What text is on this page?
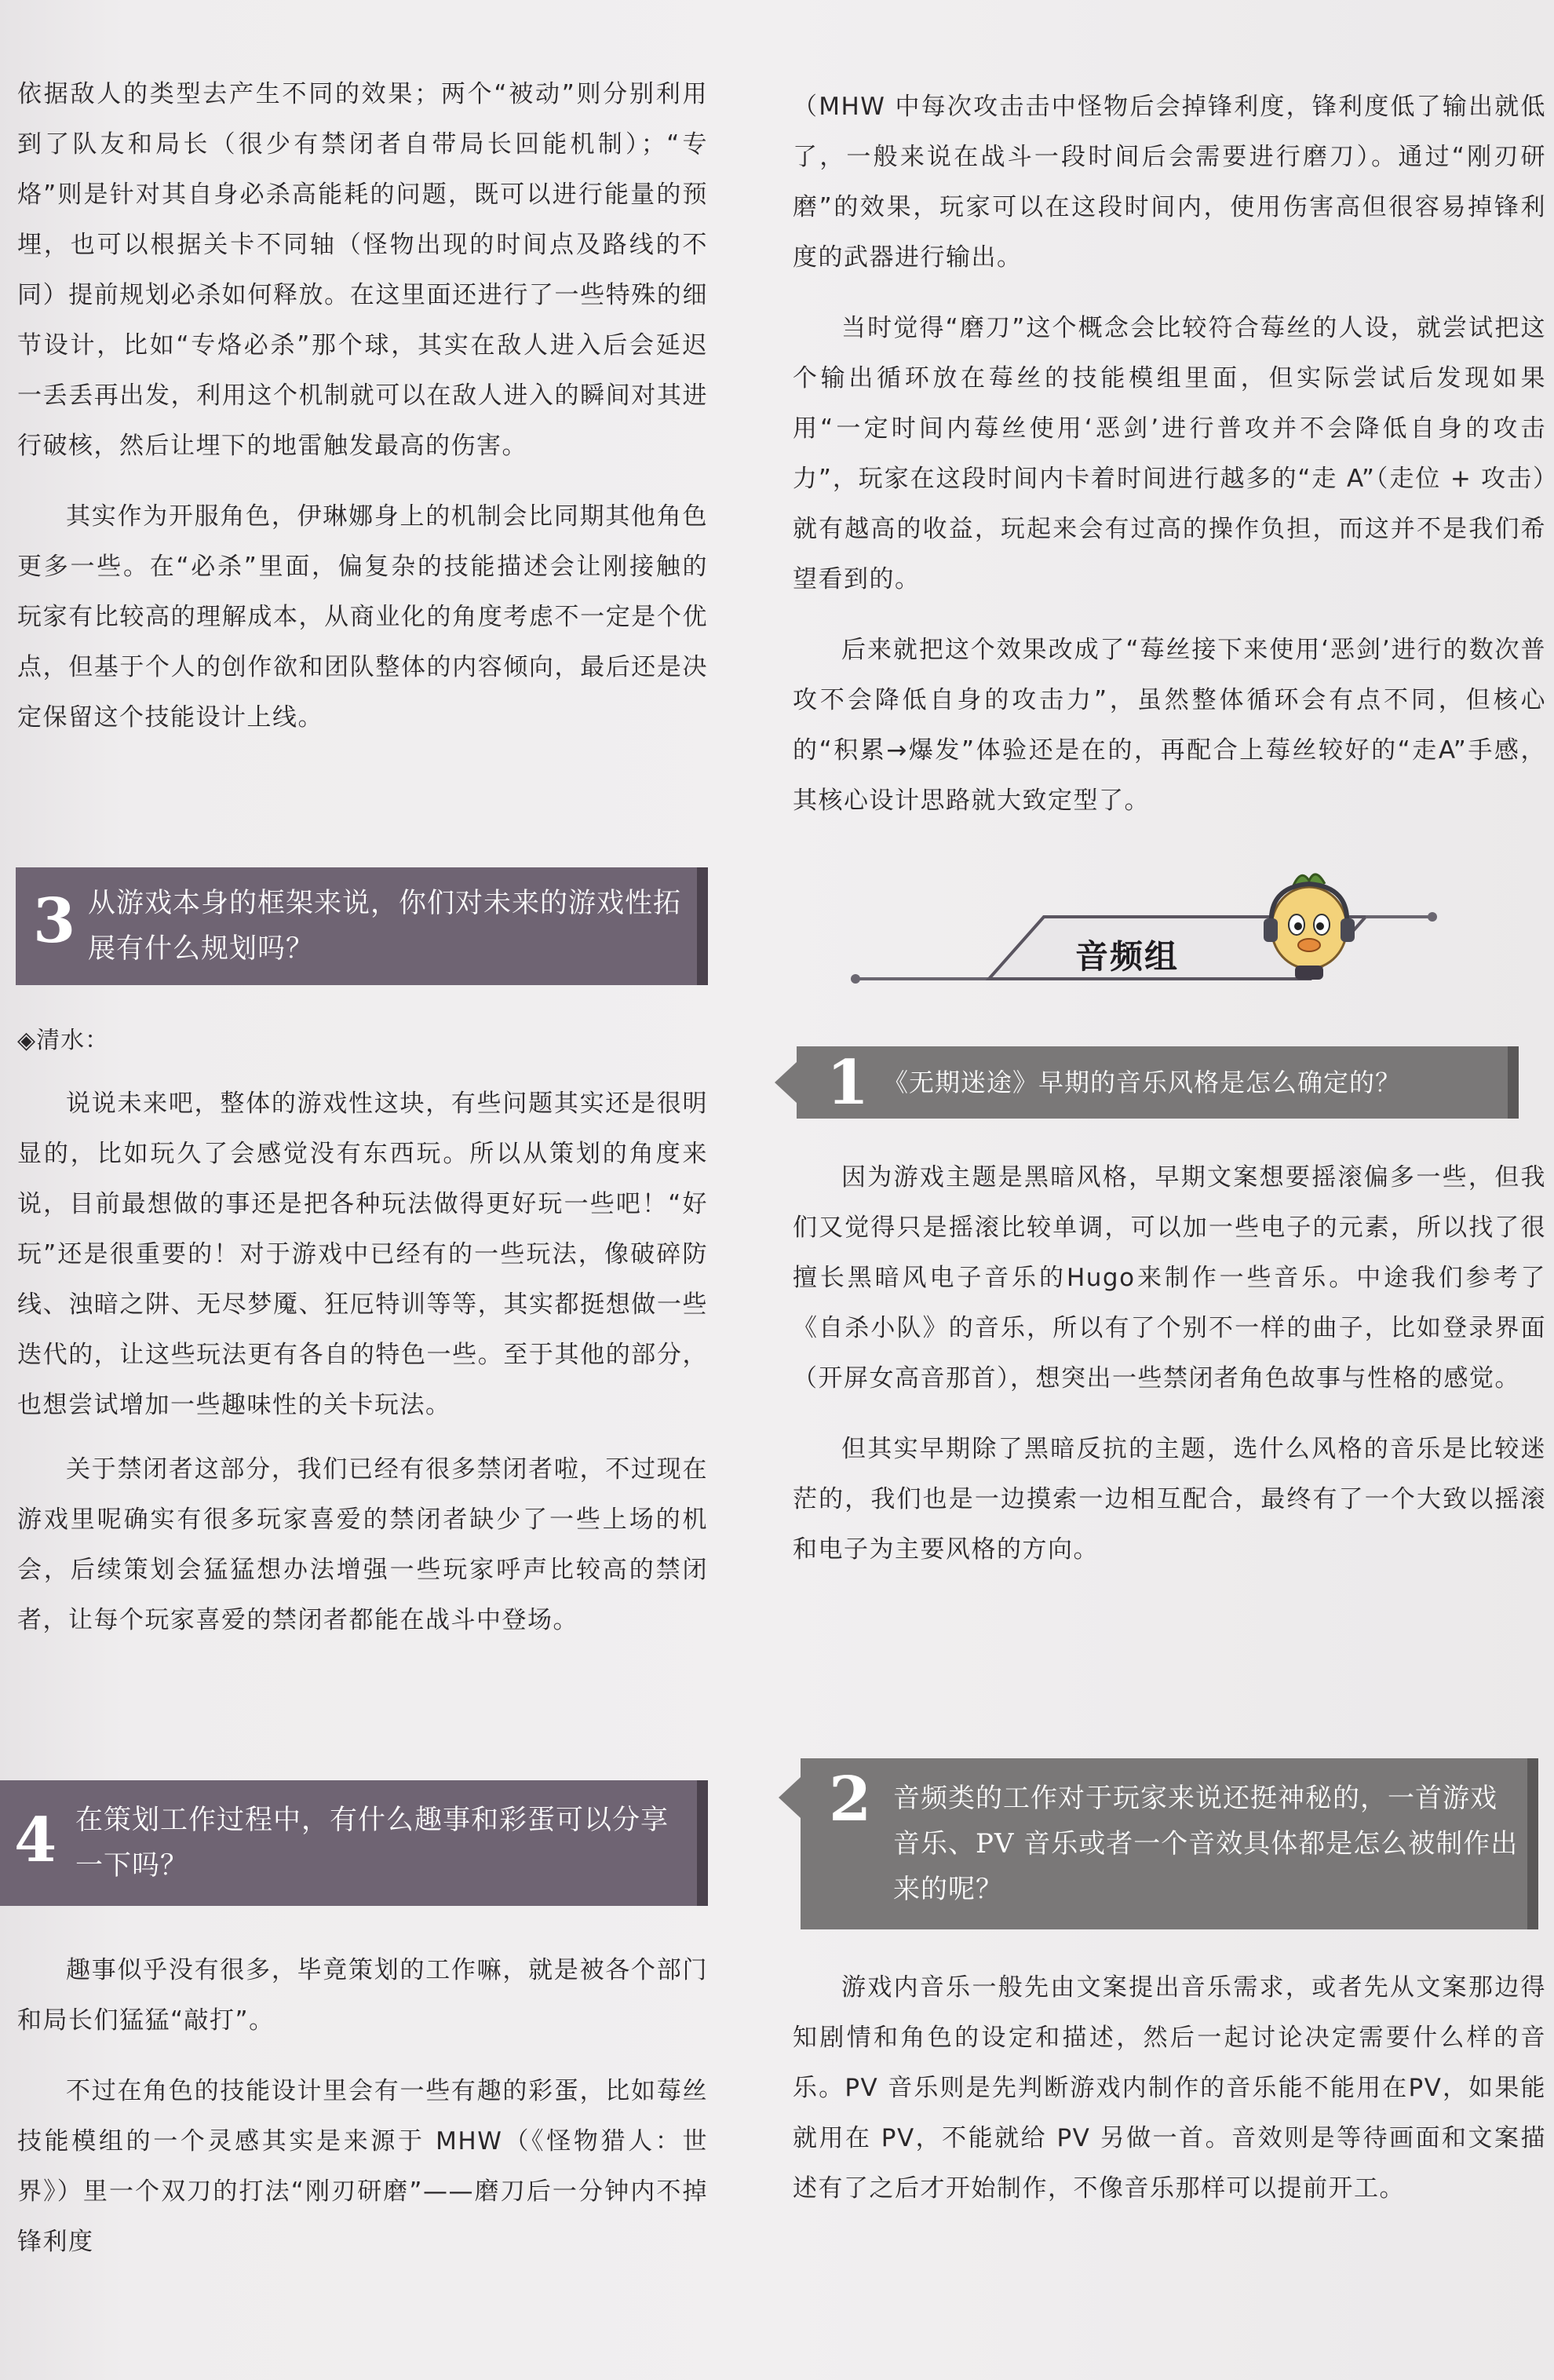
依据敌人的类型去产生不同的效果；两个“被动”则分别利用到了队友和局长（很少有禁闭者自带局长回能机制）；“专烙”则是针对其自身必杀高能耗的问题，既可以进行能量的预埋，也可以根据关卡不同轴（怪物出现的时间点及路线的不同）提前规划必杀如何释放。在这里面还进行了一些特殊的细节设计，比如“专烙必杀”那个球，其实在敌人进入后会延迟一丢丢再出发，利用这个机制就可以在敌人进入的瞬间对其进行破核，然后让埋下的地雷触发最高的伤害。

其实作为开服角色，伊琳娜身上的机制会比同期其他角色更多一些。在“必杀”里面，偏复杂的技能描述会让刚接触的玩家有比较高的理解成本，从商业化的角度考虑不一定是个优点，但基于个人的创作欲和团队整体的内容倾向，最后还是决定保留这个技能设计上线。

3 从游戏本身的框架来说，你们对未来的游戏性拓展有什么规划吗？
◈清水：

说说未来吧，整体的游戏性这块，有些问题其实还是很明显的，比如玩久了会感觉没有东西玩。所以从策划的角度来说，目前最想做的事还是把各种玩法做得更好玩一些吧！“好玩”还是很重要的！对于游戏中已经有的一些玩法，像破碎防线、浊暗之阱、无尽梦魇、狂厄特训等等，其实都挺想做一些迭代的，让这些玩法更有各自的特色一些。至于其他的部分，也想尝试增加一些趣味性的关卡玩法。

关于禁闭者这部分，我们已经有很多禁闭者啦，不过现在游戏里呢确实有很多玩家喜爱的禁闭者缺少了一些上场的机会，后续策划会猛猛想办法增强一些玩家呼声比较高的禁闭者，让每个玩家喜爱的禁闭者都能在战斗中登场。

4 在策划工作过程中，有什么趣事和彩蛋可以分享一下吗？

趣事似乎没有很多，毕竟策划的工作嘛，就是被各个部门和局长们猛猛“敲打”。

不过在角色的技能设计里会有一些有趣的彩蛋，比如莓丝技能模组的一个灵感其实是来源于 MHW（《怪物猎人：世界》）里一个双刀的打法“刚刃研磨”——磨刀后一分钟内不掉锋利度

（MHW 中每次攻击击中怪物后会掉锋利度，锋利度低了输出就低了，一般来说在战斗一段时间后会需要进行磨刀）。通过“刚刃研磨”的效果，玩家可以在这段时间内，使用伤害高但很容易掉锋利度的武器进行输出。

当时觉得“磨刀”这个概念会比较符合莓丝的人设，就尝试把这个输出循环放在莓丝的技能模组里面，但实际尝试后发现如果用“一定时间内莓丝使用‘恶剑’进行普攻并不会降低自身的攻击力”，玩家在这段时间内卡着时间进行越多的“走 A”（走位 + 攻击）就有越高的收益，玩起来会有过高的操作负担，而这并不是我们希望看到的。

后来就把这个效果改成了“莓丝接下来使用‘恶剑’进行的数次普攻不会降低自身的攻击力”，虽然整体循环会有点不同，但核心的“积累→爆发”体验还是在的，再配合上莓丝较好的“走A”手感，其核心设计思路就大致定型了。

音频组
1 《无期迷途》早期的音乐风格是怎么确定的？

因为游戏主题是黑暗风格，早期文案想要摇滚偏多一些，但我们又觉得只是摇滚比较单调，可以加一些电子的元素，所以找了很擅长黑暗风电子音乐的Hugo来制作一些音乐。中途我们参考了《自杀小队》的音乐，所以有了个别不一样的曲子，比如登录界面（开屏女高音那首），想突出一些禁闭者角色故事与性格的感觉。

但其实早期除了黑暗反抗的主题，选什么风格的音乐是比较迷茫的，我们也是一边摸索一边相互配合，最终有了一个大致以摇滚和电子为主要风格的方向。

2 音频类的工作对于玩家来说还挺神秘的，一首游戏音乐、PV 音乐或者一个音效具体都是怎么被制作出来的呢？

游戏内音乐一般先由文案提出音乐需求，或者先从文案那边得知剧情和角色的设定和描述，然后一起讨论决定需要什么样的音乐。PV 音乐则是先判断游戏内制作的音乐能不能用在PV，如果能就用在 PV，不能就给 PV 另做一首。音效则是等待画面和文案描述有了之后才开始制作，不像音乐那样可以提前开工。
